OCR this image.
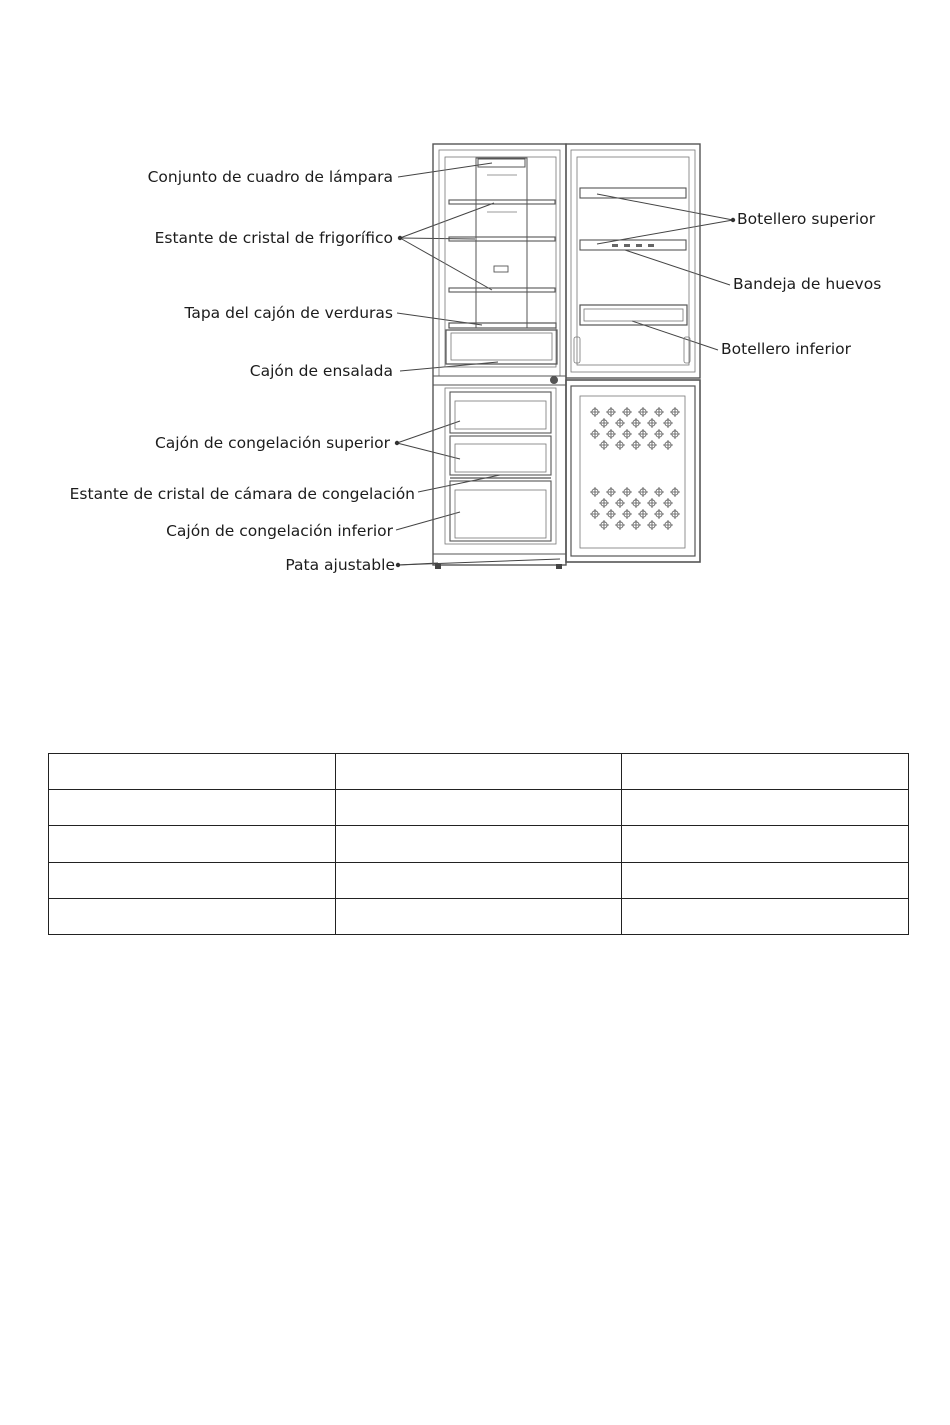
Conjunto de cuadro de lámpara
Estante de cristal de frigorífico
Tapa del cajón de verduras
Cajón de ensalada
Cajón de congelación superior
Estante de cristal de cámara de congelación
Cajón de congelación inferior
Pata ajustable
Botellero superior
Bandeja de huevos
Botellero inferior
